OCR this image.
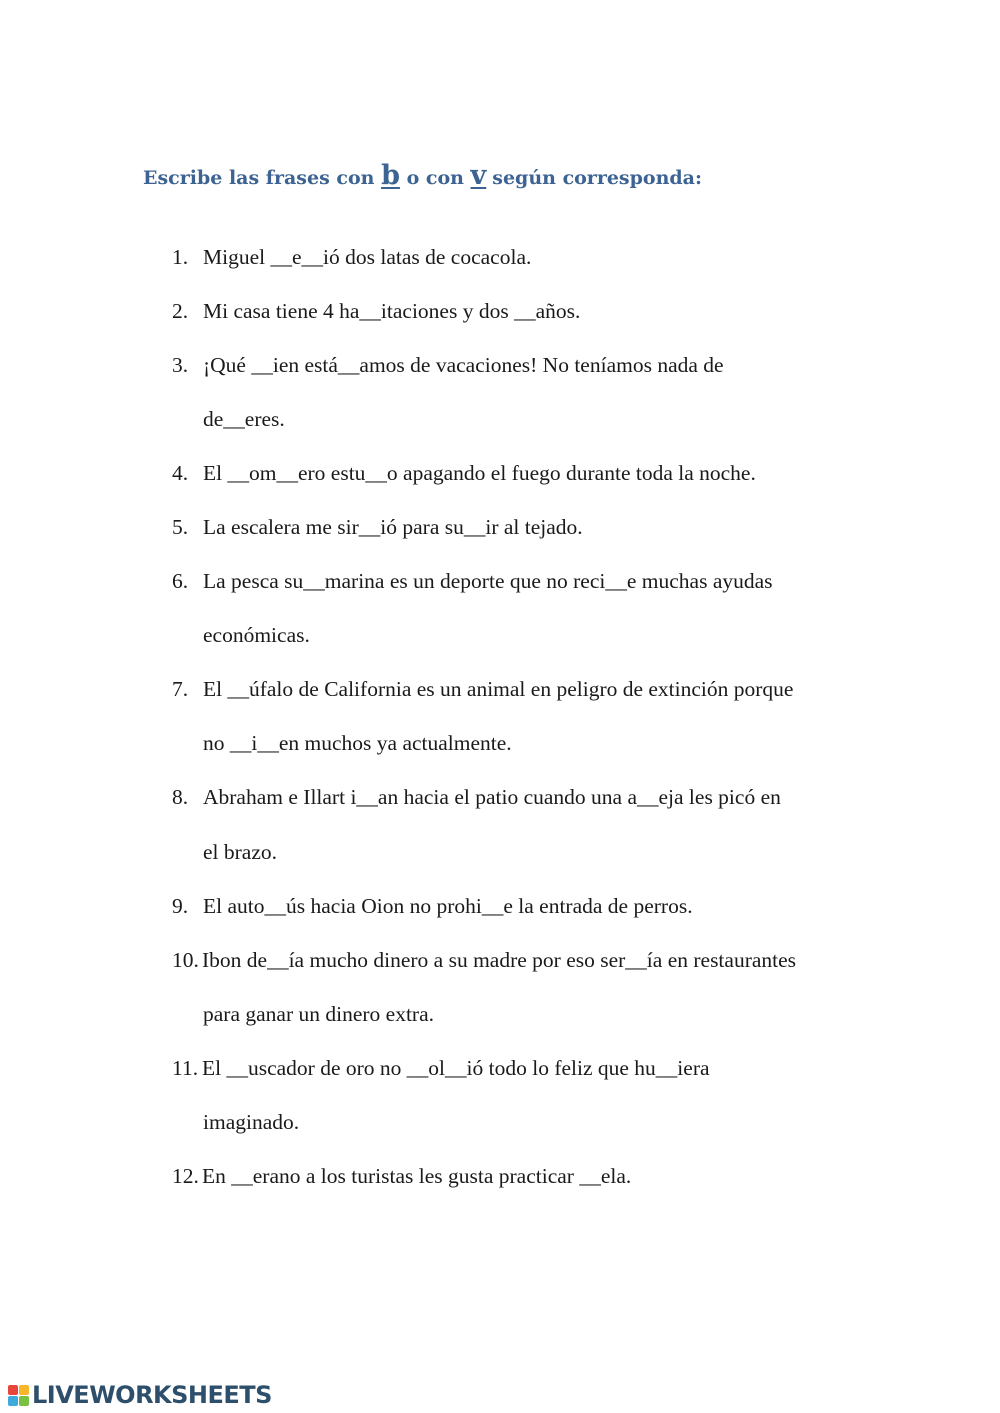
Escribe las frases con b o con v según corresponda:
1. Miguel __e__ió dos latas de cocacola.
2. Mi casa tiene 4 ha__itaciones y dos __años.
3. ¡Qué __ien está__amos de vacaciones! No teníamos nada de
de__eres.
4. El __om__ero estu__o apagando el fuego durante toda la noche.
5. La escalera me sir__ió para su__ir al tejado.
6. La pesca su__marina es un deporte que no reci__e muchas ayudas
económicas.
7. El __úfalo de California es un animal en peligro de extinción porque
no __i__en muchos ya actualmente.
8. Abraham e Illart i__an hacia el patio cuando una a__eja les picó en
el brazo.
9. El auto__ús hacia Oion no prohi__e la entrada de perros.
10. Ibon de__ía mucho dinero a su madre por eso ser__ía en restaurantes
para ganar un dinero extra.
11. El __uscador de oro no __ol__ió todo lo feliz que hu__iera
imaginado.
12. En __erano a los turistas les gusta practicar __ela.
LIVEWORKSHEETS
